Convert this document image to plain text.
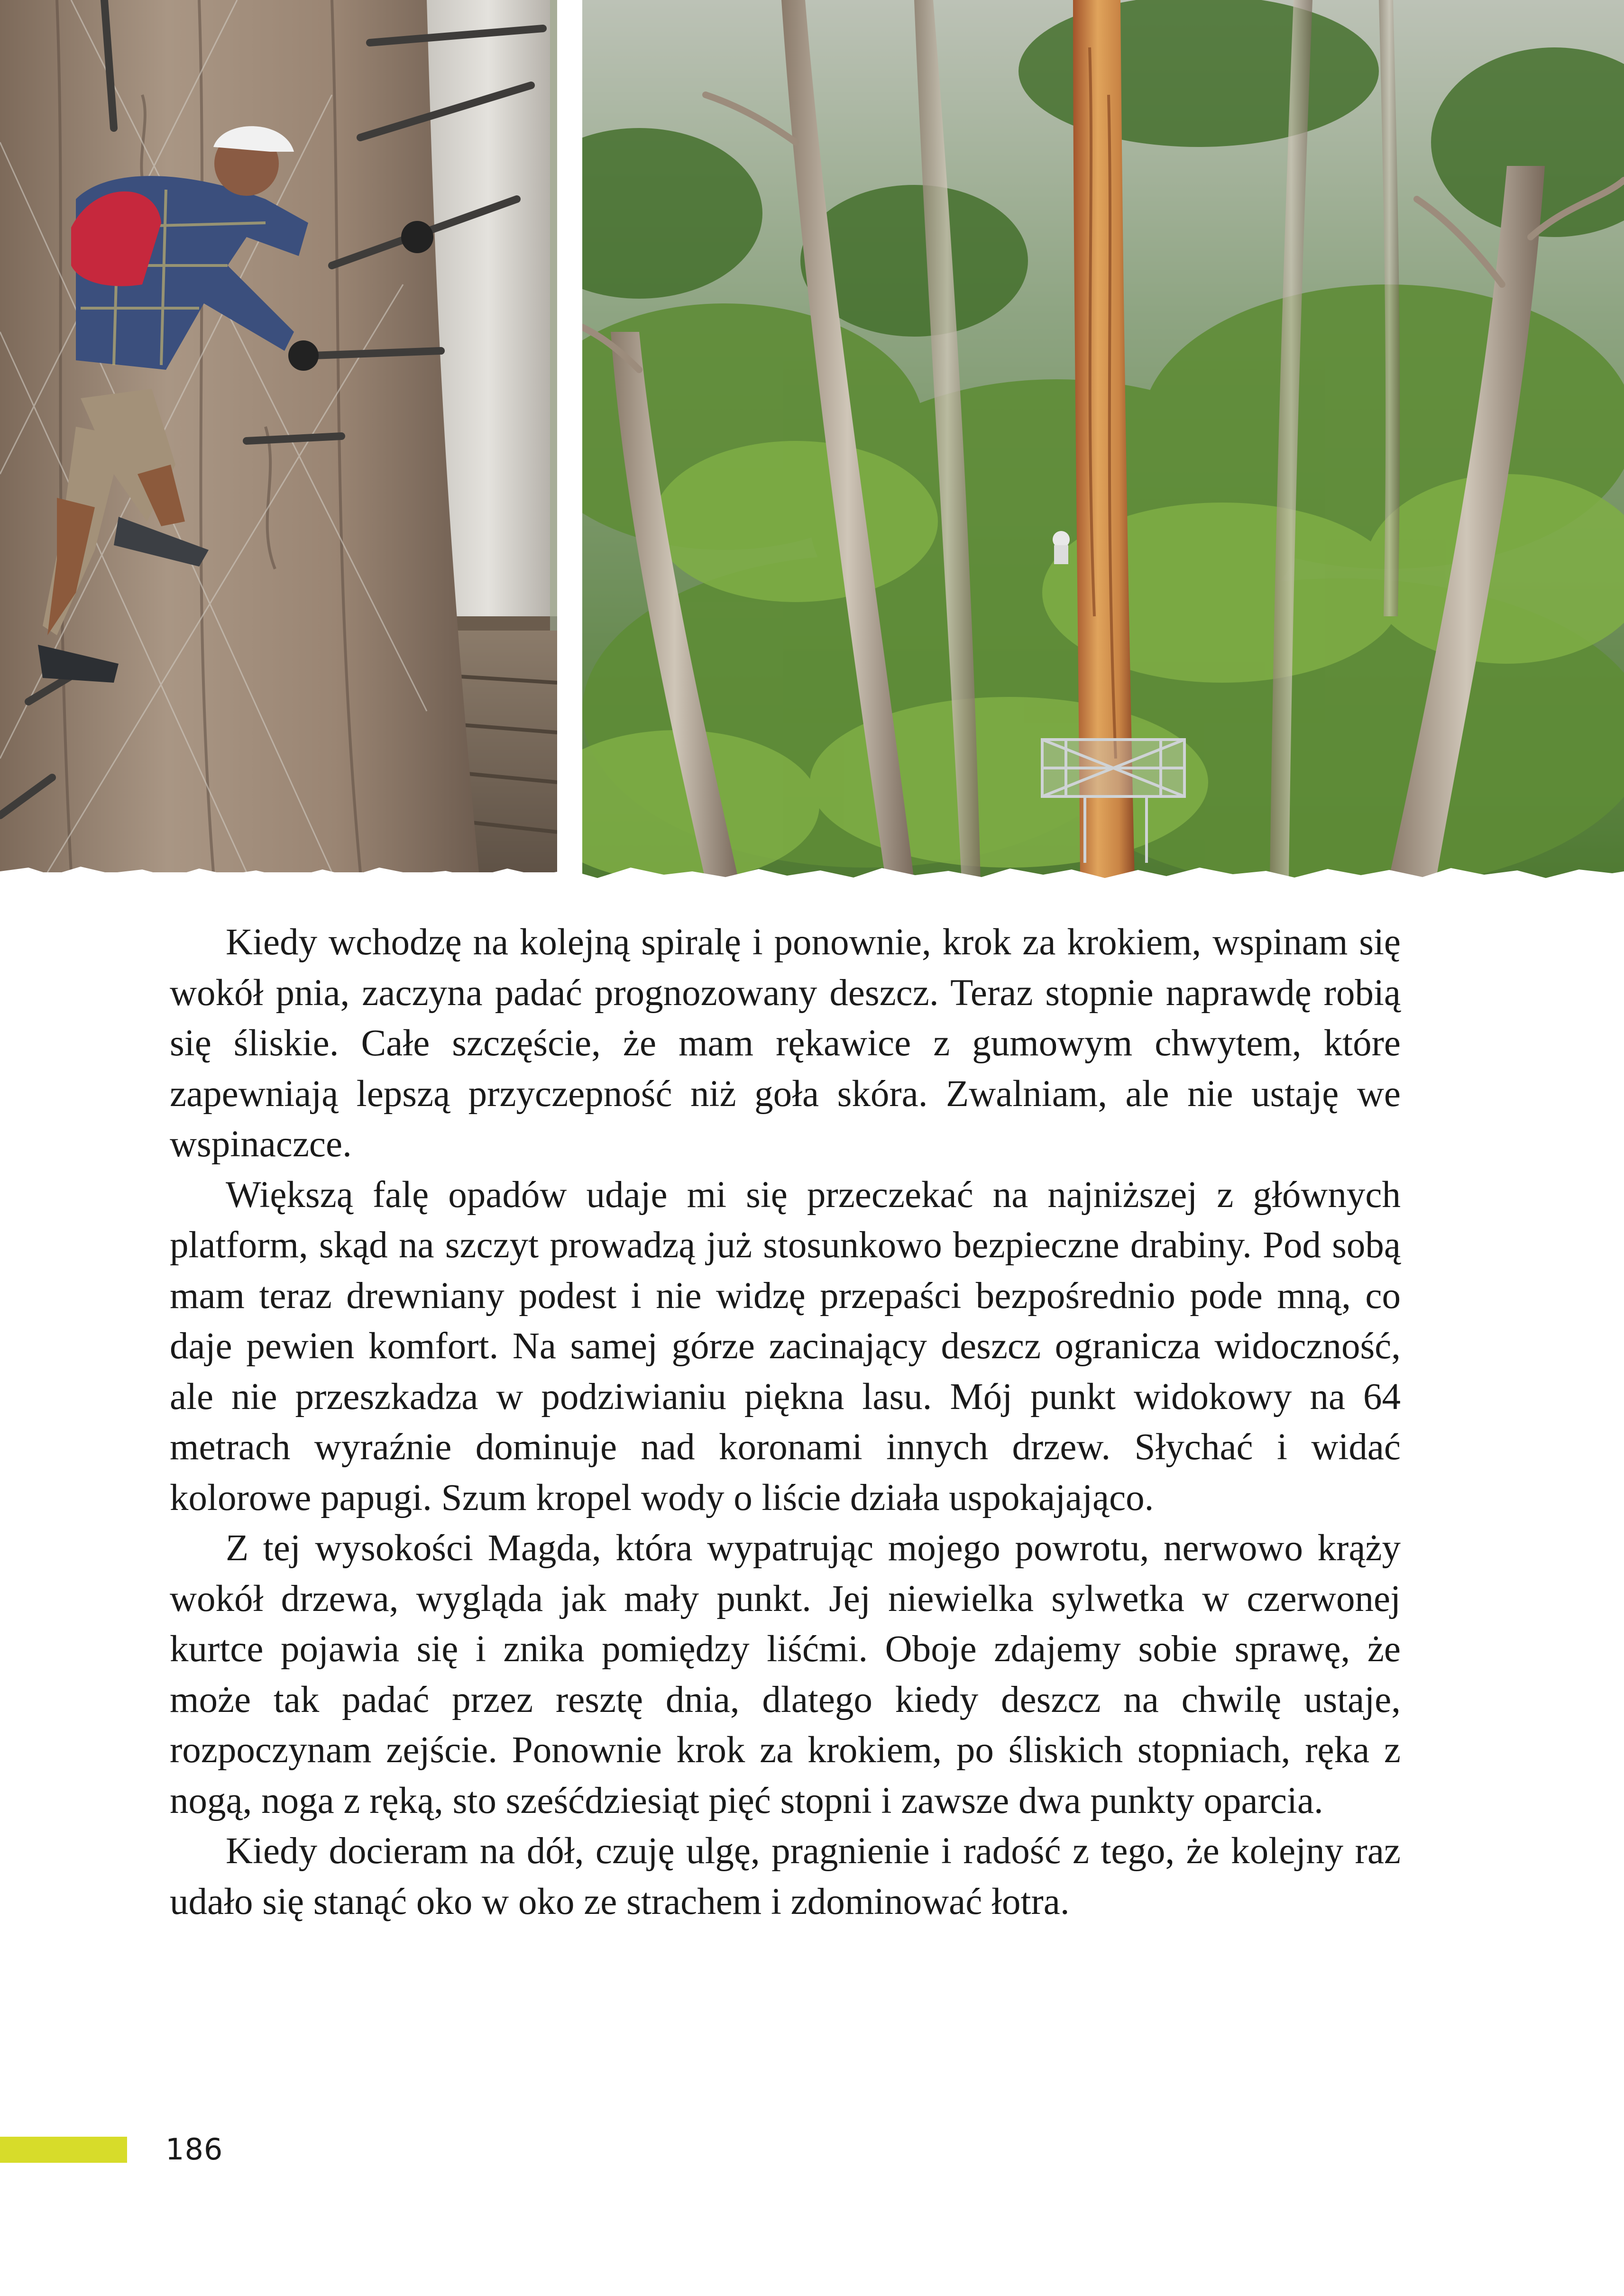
Kiedy wchodzę na kolejną spiralę i ponownie, krok za krokiem, wspinam się wokół pnia, zaczyna padać prognozowany deszcz. Teraz stopnie naprawdę robią się śliskie. Całe szczęście, że mam rękawice z gumowym chwytem, które zapewniają lepszą przyczepność niż goła skóra. Zwalniam, ale nie ustaję we wspinaczce.

Większą falę opadów udaje mi się przeczekać na najniższej z głównych platform, skąd na szczyt prowadzą już stosunkowo bezpieczne drabiny. Pod sobą mam teraz drewniany podest i nie widzę przepaści bezpośrednio pode mną, co daje pewien komfort. Na samej górze zacinający deszcz ogranicza widoczność, ale nie przeszkadza w podziwianiu piękna lasu. Mój punkt widokowy na 64 metrach wyraźnie dominuje nad koronami innych drzew. Słychać i widać kolorowe papugi. Szum kropel wody o liście działa uspokajająco.

Z tej wysokości Magda, która wypatrując mojego powrotu, nerwowo krąży wokół drzewa, wygląda jak mały punkt. Jej niewielka sylwetka w czerwonej kurtce pojawia się i znika pomiędzy liśćmi. Oboje zdajemy sobie sprawę, że może tak padać przez resztę dnia, dlatego kiedy deszcz na chwilę ustaje, rozpoczynam zejście. Ponownie krok za krokiem, po śliskich stopniach, ręka z nogą, noga z ręką, sto sześćdziesiąt pięć stopni i zawsze dwa punkty oparcia.

Kiedy docieram na dół, czuję ulgę, pragnienie i radość z tego, że kolejny raz udało się stanąć oko w oko ze strachem i zdominować łotra.

186
